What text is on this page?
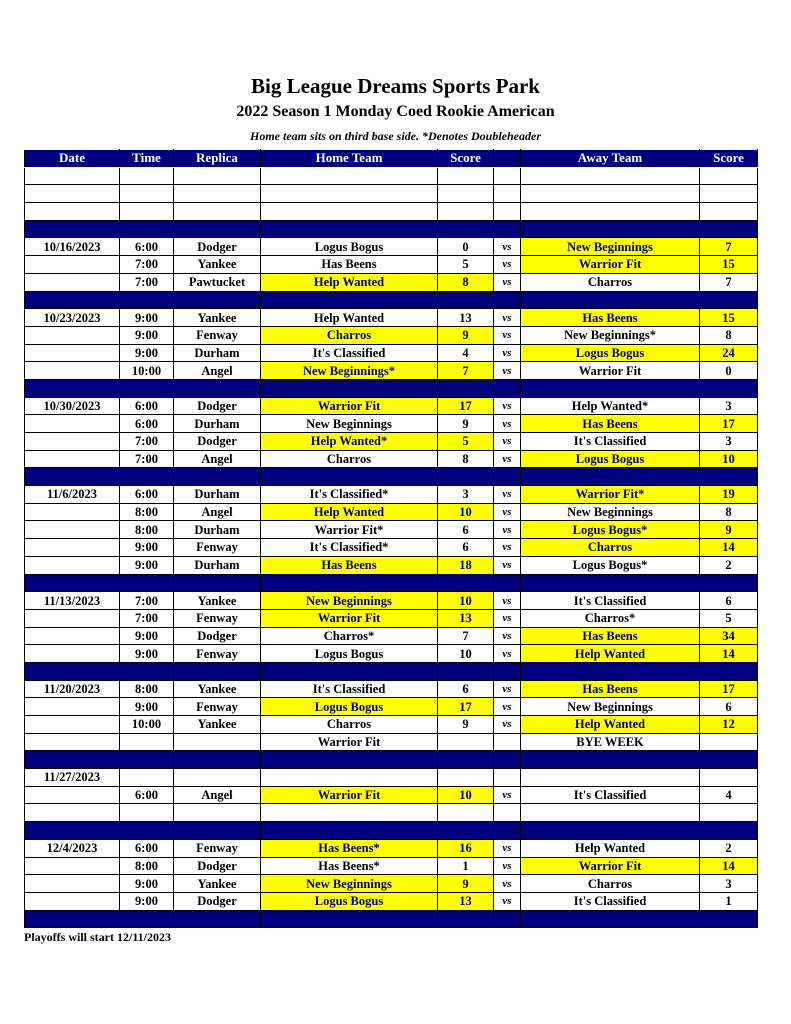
Big League Dreams Sports Park
2022 Season 1 Monday Coed Rookie American
Home team sits on third base side. *Denotes Doubleheader
Date	Time	Replica	Home Team	Score		Away Team	Score

10/16/2023	6:00	Dodger	Logus Bogus	0	vs	New Beginnings	7
	7:00	Yankee	Has Beens	5	vs	Warrior Fit	15
	7:00	Pawtucket	Help Wanted	8	vs	Charros	7

10/23/2023	9:00	Yankee	Help Wanted	13	vs	Has Beens	15
	9:00	Fenway	Charros	9	vs	New Beginnings*	8
	9:00	Durham	It's Classified	4	vs	Logus Bogus	24
	10:00	Angel	New Beginnings*	7	vs	Warrior Fit	0

10/30/2023	6:00	Dodger	Warrior Fit	17	vs	Help Wanted*	3
	6:00	Durham	New Beginnings	9	vs	Has Beens	17
	7:00	Dodger	Help Wanted*	5	vs	It's Classified	3
	7:00	Angel	Charros	8	vs	Logus Bogus	10

11/6/2023	6:00	Durham	It's Classified*	3	vs	Warrior Fit*	19
	8:00	Angel	Help Wanted	10	vs	New Beginnings	8
	8:00	Durham	Warrior Fit*	6	vs	Logus Bogus*	9
	9:00	Fenway	It's Classified*	6	vs	Charros	14
	9:00	Durham	Has Beens	18	vs	Logus Bogus*	2

11/13/2023	7:00	Yankee	New Beginnings	10	vs	It's Classified	6
	7:00	Fenway	Warrior Fit	13	vs	Charros*	5
	9:00	Dodger	Charros*	7	vs	Has Beens	34
	9:00	Fenway	Logus Bogus	10	vs	Help Wanted	14

11/20/2023	8:00	Yankee	It's Classified	6	vs	Has Beens	17
	9:00	Fenway	Logus Bogus	17	vs	New Beginnings	6
	10:00	Yankee	Charros	9	vs	Help Wanted	12
			Warrior Fit			BYE WEEK	

11/27/2023							
	6:00	Angel	Warrior Fit	10	vs	It's Classified	4

12/4/2023	6:00	Fenway	Has Beens*	16	vs	Help Wanted	2
	8:00	Dodger	Has Beens*	1	vs	Warrior Fit	14
	9:00	Yankee	New Beginnings	9	vs	Charros	3
	9:00	Dodger	Logus Bogus	13	vs	It's Classified	1

Playoffs will start 12/11/2023
